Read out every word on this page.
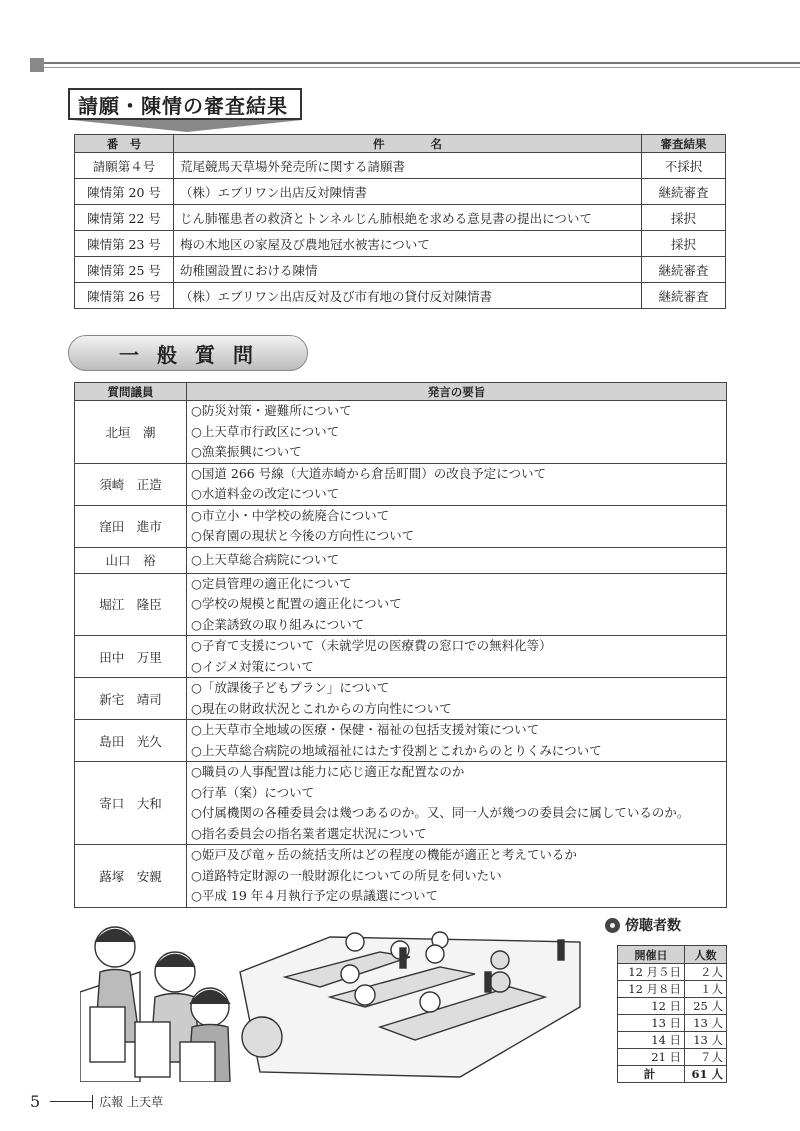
請願・陳情の審査結果
番　号	件　　　　名	審査結果
請願第４号	荒尾競馬天草場外発売所に関する請願書	不採択
陳情第 20 号	（株）エブリワン出店反対陳情書	継続審査
陳情第 22 号	じん肺罹患者の救済とトンネルじん肺根絶を求める意見書の提出について	採択
陳情第 23 号	梅の木地区の家屋及び農地冠水被害について	採択
陳情第 25 号	幼稚園設置における陳情	継続審査
陳情第 26 号	（株）エブリワン出店反対及び市有地の貸付反対陳情書	継続審査
一般質問
質問議員	発言の要旨
北垣　潮	○防災対策・避難所について
○上天草市行政区について
○漁業振興について

須崎　正造	○国道 266 号線（大道赤崎から倉岳町間）の改良予定について
○水道料金の改定について

窪田　進市	○市立小・中学校の統廃合について
○保育園の現状と今後の方向性について

山口　裕	○上天草総合病院について

堀江　隆臣	○定員管理の適正化について
○学校の規模と配置の適正化について
○企業誘致の取り組みについて

田中　万里	○子育て支援について（未就学児の医療費の窓口での無料化等）
○イジメ対策について

新宅　靖司	○「放課後子どもプラン」について
○現在の財政状況とこれからの方向性について

島田　光久	○上天草市全地域の医療・保健・福祉の包括支援対策について
○上天草総合病院の地域福祉にはたす役割とこれからのとりくみについて

寄口　大和	○職員の人事配置は能力に応じ適正な配置なのか
○行革（案）について
○付属機関の各種委員会は幾つあるのか。又、同一人が幾つの委員会に属しているのか。
○指名委員会の指名業者選定状況について

蕗塚　安親	○姫戸及び竜ヶ岳の統括支所はどの程度の機能が適正と考えているか
○道路特定財源の一般財源化についての所見を伺いたい
○平成 19 年４月執行予定の県議選について
傍聴者数
開催日	人数
12 月５日	２人
12 月８日	１人
12 日	25 人
13 日	13 人
14 日	13 人
21 日	７人
計	61 人
5	広報 上天草
